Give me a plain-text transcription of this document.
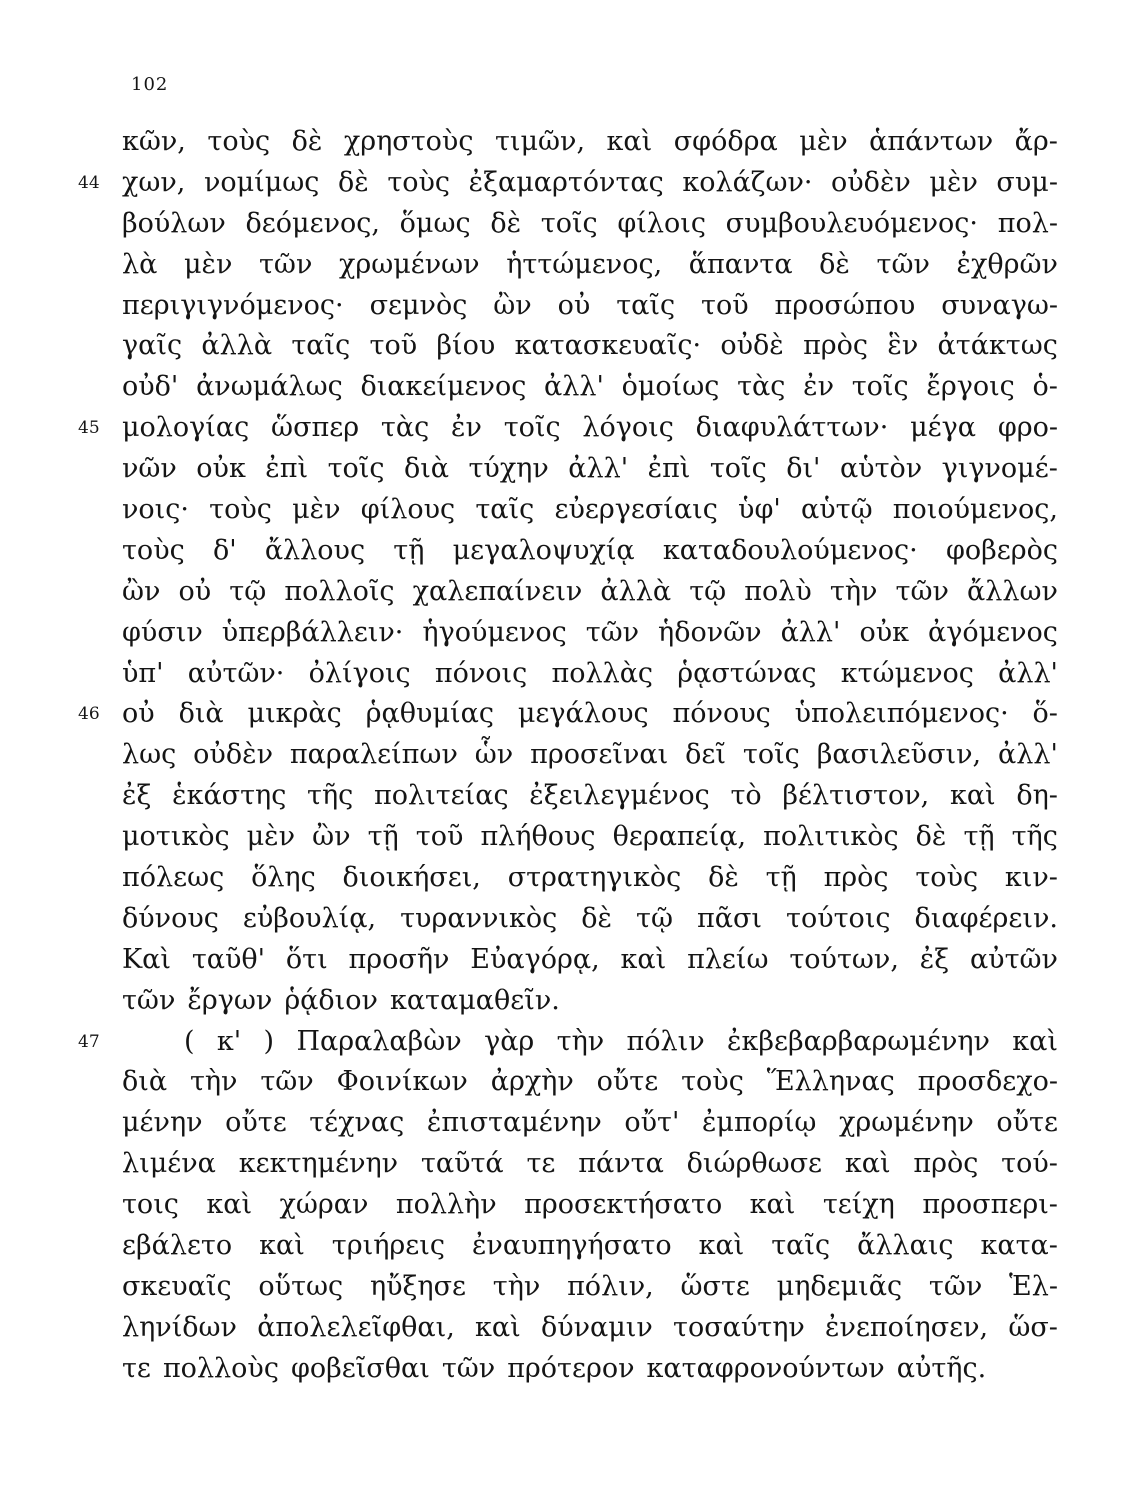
102
κῶν, τοὺς δὲ χρηστοὺς τιμῶν, καὶ σφόδρα μὲν ἁπάντων ἄρ-
44 χων, νομίμως δὲ τοὺς ἐξαμαρτόντας κολάζων· οὐδὲν μὲν συμ-
βούλων δεόμενος, ὅμως δὲ τοῖς φίλοις συμβουλευόμενος· πολ-
λὰ μὲν τῶν χρωμένων ἡττώμενος, ἅπαντα δὲ τῶν ἐχθρῶν
περιγιγνόμενος· σεμνὸς ὢν οὐ ταῖς τοῦ προσώπου συναγω-
γαῖς ἀλλὰ ταῖς τοῦ βίου κατασκευαῖς· οὐδὲ πρὸς ἓν ἀτάκτως
οὐδ' ἀνωμάλως διακείμενος ἀλλ' ὁμοίως τὰς ἐν τοῖς ἔργοις ὁ-
45 μολογίας ὥσπερ τὰς ἐν τοῖς λόγοις διαφυλάττων· μέγα φρο-
νῶν οὐκ ἐπὶ τοῖς διὰ τύχην ἀλλ' ἐπὶ τοῖς δι' αὑτὸν γιγνομέ-
νοις· τοὺς μὲν φίλους ταῖς εὐεργεσίαις ὑφ' αὑτῷ ποιούμενος,
τοὺς δ' ἄλλους τῇ μεγαλοψυχίᾳ καταδουλούμενος· φοβερὸς
ὢν οὐ τῷ πολλοῖς χαλεπαίνειν ἀλλὰ τῷ πολὺ τὴν τῶν ἄλλων
φύσιν ὑπερβάλλειν· ἡγούμενος τῶν ἡδονῶν ἀλλ' οὐκ ἀγόμενος
ὑπ' αὐτῶν· ὀλίγοις πόνοις πολλὰς ῥᾳστώνας κτώμενος ἀλλ'
46 οὐ διὰ μικρὰς ῥᾳθυμίας μεγάλους πόνους ὑπολειπόμενος· ὅ-
λως οὐδὲν παραλείπων ὧν προσεῖναι δεῖ τοῖς βασιλεῦσιν, ἀλλ'
ἐξ ἑκάστης τῆς πολιτείας ἐξειλεγμένος τὸ βέλτιστον, καὶ δη-
μοτικὸς μὲν ὢν τῇ τοῦ πλήθους θεραπείᾳ, πολιτικὸς δὲ τῇ τῆς
πόλεως ὅλης διοικήσει, στρατηγικὸς δὲ τῇ πρὸς τοὺς κιν-
δύνους εὐβουλίᾳ, τυραννικὸς δὲ τῷ πᾶσι τούτοις διαφέρειν.
Καὶ ταῦθ' ὅτι προσῆν Εὐαγόρᾳ, καὶ πλείω τούτων, ἐξ αὐτῶν
τῶν ἔργων ῥᾴδιον καταμαθεῖν.
47	( κ' ) Παραλαβὼν γὰρ τὴν πόλιν ἐκβεβαρβαρωμένην καὶ
διὰ τὴν τῶν Φοινίκων ἀρχὴν οὔτε τοὺς Ἕλληνας προσδεχο-
μένην οὔτε τέχνας ἐπισταμένην οὔτ' ἐμπορίῳ χρωμένην οὔτε
λιμένα κεκτημένην ταῦτά τε πάντα διώρθωσε καὶ πρὸς τού-
τοις καὶ χώραν πολλὴν προσεκτήσατο καὶ τείχη προσπερι-
εβάλετο καὶ τριήρεις ἐναυπηγήσατο καὶ ταῖς ἄλλαις κατα-
σκευαῖς οὕτως ηὔξησε τὴν πόλιν, ὥστε μηδεμιᾶς τῶν Ἑλ-
ληνίδων ἀπολελεῖφθαι, καὶ δύναμιν τοσαύτην ἐνεποίησεν, ὥσ-
τε πολλοὺς φοβεῖσθαι τῶν πρότερον καταφρονούντων αὐτῆς.
